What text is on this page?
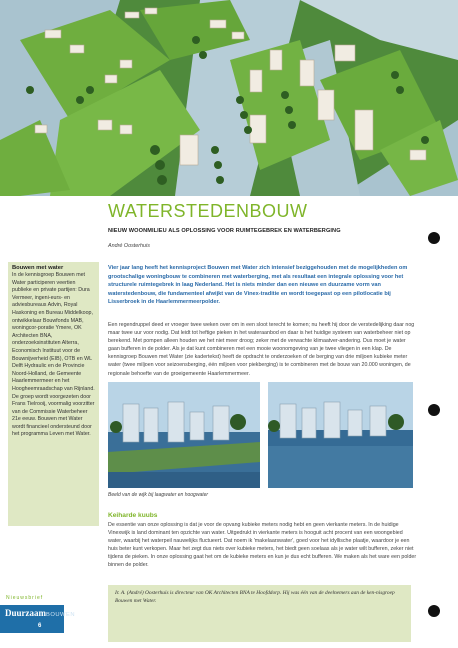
WATERSTEDENBOUW
NIEUW WOONMILIEU ALS OPLOSSING VOOR RUIMTEGEBREK EN WATERBERGING
André Oosterhuis
Bouwen met water

In de kennisgroep Bouwen met Water participeren veertien publieke en private partijen: Dura Vermeer, ingeni-eurs- en adviesbureaus Advin, Royal Haskoning en Bureau Middelkoop, ontwikkelaar Bouwfonds MAB, woningcor-poratie Ymere, OK Architecten BNA, onderzoeksinstituten Alterra, Economisch Instituut voor de Bouwnijverheid (EIB), OTB en WL Delft Hydraulic en de Provincie Noord-Holland, de Gemeente Haarlemmermeer en het Hoogheemraadschap van Rijnland. De groep wordt voorgezeten door Frans Tielrooij, voormalig voorzitter van de Commissie Waterbeheer 21e eeuw. Bouwen met Water wordt financieel ondersteund door het programma Leven met Water.

Vier jaar lang heeft het kennisproject Bouwen met Water zich intensief beziggehouden met de mogelijkheden om grootschalige woningbouw te combineren met waterberging, met als resultaat een integrale oplossing voor het structurele ruimtegebrek in laag Nederland. Het is niets minder dan een nieuwe en duurzame vorm van waterstedenbouw, die fundamenteel afwijkt van de Vinex-traditie en wordt toegepast op een pilotlocatie bij Lisserbroek in de Haarlemmermeerpolder.

Een regendruppel deed er vroeger twee weken over om in een sloot terecht te komen; nu heeft hij door de verstedelijking daar nog maar twee uur voor nodig. Dat leidt tot heftige pieken in het wateraanbod en daar is het huidige systeem van waterbeheer niet op berekend. Met pompen alleen houden we het niet meer droog; zeker met de verwachte klimaatver-andering. Dus moet je water gaan bufferen in de polder. Als je dat kunt combineren met een mooie woonomgeving van je twee vliegen in een klap. De kennisgroep Bouwen met Water (zie kadertekst) heeft de opdracht te onderzoeken of de berging van drie miljoen kubieke meter water (twee miljoen voor seizoensberging, één miljoen voor piekberging) is te combineren met de bouw van 20.000 woningen, de regionale behoefte van de groeigemeente Haarlemmermeer.

Beeld van de wijk bij laagwater en hoogwater
Keiharde kuubs

De essentie van onze oplossing is dat je voor de opvang kubieke meters nodig hebt en geen vierkante meters. In de huidige Vinexwijk is land dominant ten opzichte van water. Uitgedrukt in vierkante meters is hooguit acht procent van een woongebied water, waarbij het waterpeil nauwelijks fluctueert. Dat noem ik 'makelaarswater', goed voor het idyllische plaatje, waardoor je een huis beter kunt verkopen. Maar het zegt dus niets over kubieke meters, het biedt geen soelaas als je water wilt bufferen, zeker niet tijdens de pieken. In onze oplossing gaat het om de kubieke meters en kun je dus echt bufferen. We maken als het ware een polder binnen de polder.

Ir. A. (André) Oosterhuis is directeur van OK Architecten BNA te Hoofddorp. Hij was één van de deelnemers aan de ken-nisgroep Bouwen met Water.

Nieuwsbrief
DuurzaamBOUWEN
6
